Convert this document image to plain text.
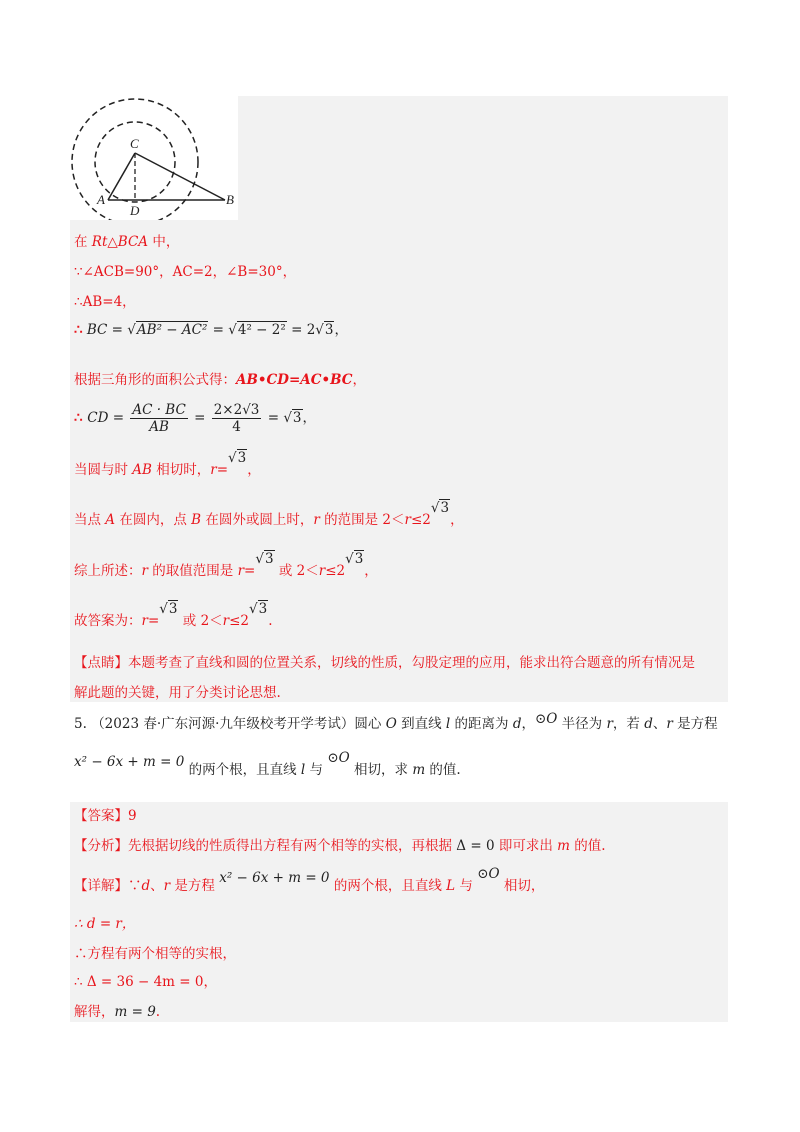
C
A
D
B
在 Rt△BCA 中，
∵∠ACB=90°，AC=2，∠B=30°，
∴AB=4，
∴ BC = √AB² − AC² = √4² − 2² = 2√3，
根据三角形的面积公式得：AB•CD=AC•BC，
∴ CD = $\frac{AC \cdot BC}{AB} = \frac{2\times 2√3}{4} = √3$，
当圆与时 AB 相切时，r=√3，
当点 A 在圆内，点 B 在圆外或圆上时，r 的范围是 2＜r≤2√3，
综上所述：r 的取值范围是 r=√3 或 2＜r≤2√3，
故答案为：r=√3 或 2＜r≤2√3.
【点睛】本题考查了直线和圆的位置关系，切线的性质，勾股定理的应用，能求出符合题意的所有情况是
解此题的关键，用了分类讨论思想.
5. （2023 春·广东河源·九年级校考开学考试）圆心 O 到直线 l 的距离为 d，⊙O 半径为 r，若 d、r 是方程
x² − 6x + m = 0 的两个根，且直线 l 与 ⊙O 相切，求 m 的值.
【答案】9
【分析】先根据切线的性质得出方程有两个相等的实根，再根据 Δ = 0 即可求出 m 的值.
【详解】∵d、r 是方程 x² − 6x + m = 0 的两个根，且直线 L 与 ⊙O 相切，
∴ d = r，
∴方程有两个相等的实根，
∴ Δ = 36 − 4m = 0，
解得，m = 9.
